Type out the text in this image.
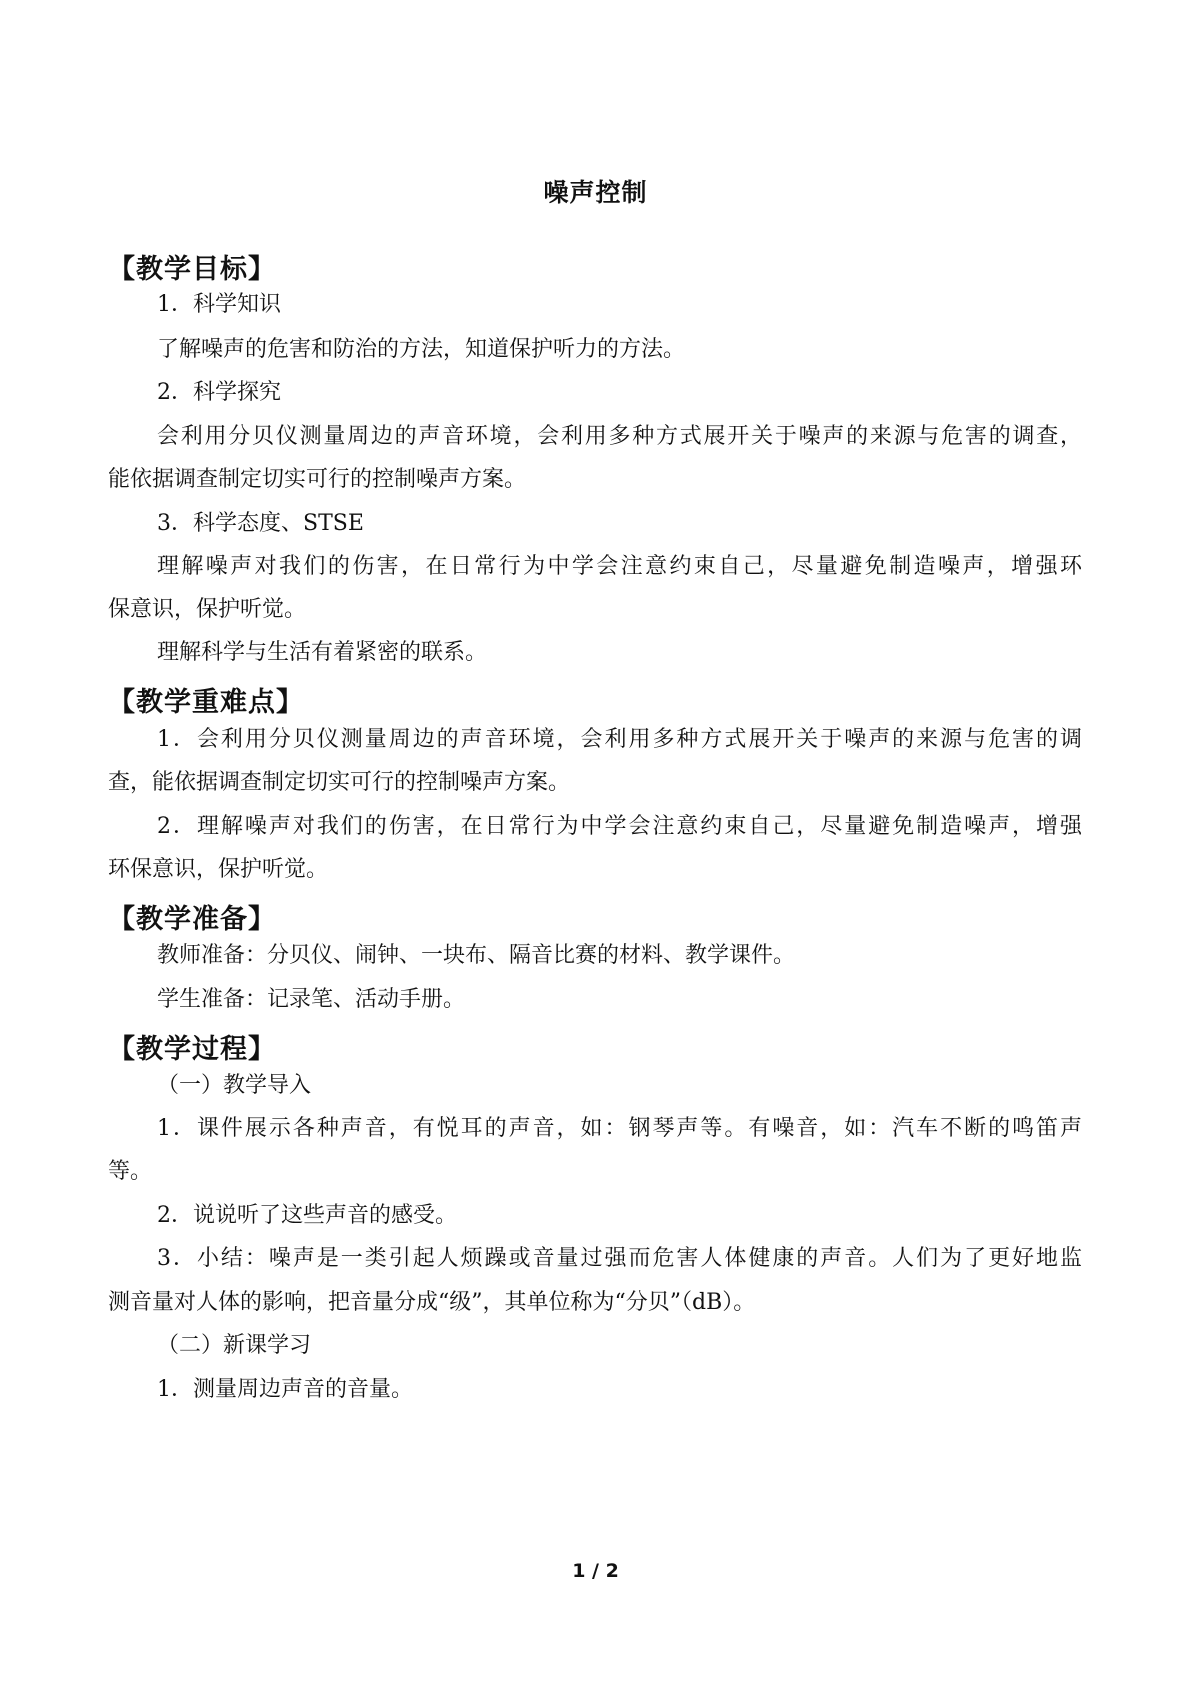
噪声控制
【教学目标】
1．科学知识
了解噪声的危害和防治的方法，知道保护听力的方法。
2．科学探究
会利用分贝仪测量周边的声音环境，会利用多种方式展开关于噪声的来源与危害的调查，
能依据调查制定切实可行的控制噪声方案。
3．科学态度、STSE
理解噪声对我们的伤害，在日常行为中学会注意约束自己，尽量避免制造噪声，增强环
保意识，保护听觉。
理解科学与生活有着紧密的联系。
【教学重难点】
1．会利用分贝仪测量周边的声音环境，会利用多种方式展开关于噪声的来源与危害的调
查，能依据调查制定切实可行的控制噪声方案。
2．理解噪声对我们的伤害，在日常行为中学会注意约束自己，尽量避免制造噪声，增强
环保意识，保护听觉。
【教学准备】
教师准备：分贝仪、闹钟、一块布、隔音比赛的材料、教学课件。
学生准备：记录笔、活动手册。
【教学过程】
（一）教学导入
1．课件展示各种声音，有悦耳的声音，如：钢琴声等。有噪音，如：汽车不断的鸣笛声
等。
2．说说听了这些声音的感受。
3．小结：噪声是一类引起人烦躁或音量过强而危害人体健康的声音。人们为了更好地监
测音量对人体的影响，把音量分成“级”，其单位称为“分贝”（dB）。
（二）新课学习
1．测量周边声音的音量。
1 / 2
